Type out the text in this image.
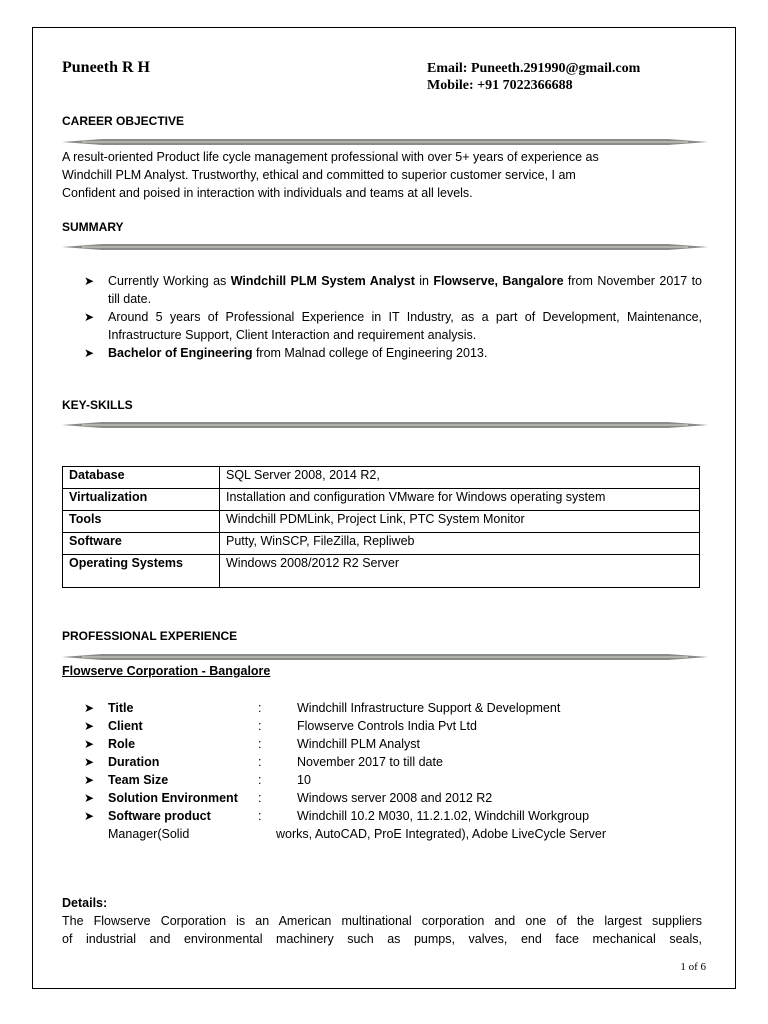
Puneeth R H	Email: Puneeth.291990@gmail.com
Mobile: +91 7022366688
CAREER OBJECTIVE
A result-oriented Product life cycle management professional with over 5+ years of experience as
Windchill PLM Analyst. Trustworthy, ethical and committed to superior customer service, I am
Confident and poised in interaction with individuals and teams at all levels.
SUMMARY
➤ Currently Working as Windchill PLM System Analyst in Flowserve, Bangalore from November 2017 to till date.
➤ Around 5 years of Professional Experience in IT Industry, as a part of Development, Maintenance, Infrastructure Support, Client Interaction and requirement analysis.
➤ Bachelor of Engineering from Malnad college of Engineering 2013.
KEY-SKILLS
Database	SQL Server 2008, 2014 R2,
Virtualization	Installation and configuration VMware for Windows operating system
Tools	Windchill PDMLink, Project Link, PTC System Monitor
Software	Putty, WinSCP, FileZilla, Repliweb
Operating Systems	Windows 2008/2012 R2 Server
PROFESSIONAL EXPERIENCE
Flowserve Corporation - Bangalore
➤ Title	:	Windchill Infrastructure Support & Development
➤ Client	:	Flowserve Controls India Pvt Ltd
➤ Role	:	Windchill PLM Analyst
➤ Duration	:	November 2017 to till date
➤ Team Size	:	10
➤ Solution Environment :	Windows server 2008 and 2012 R2
➤ Software product	:	Windchill 10.2 M030, 11.2.1.02, Windchill Workgroup
Manager(Solid	works, AutoCAD, ProE Integrated), Adobe LiveCycle Server
Details:
The Flowserve Corporation is an American multinational corporation and one of the largest suppliers
of industrial and environmental machinery such as pumps, valves, end face mechanical seals,
1 of 6
